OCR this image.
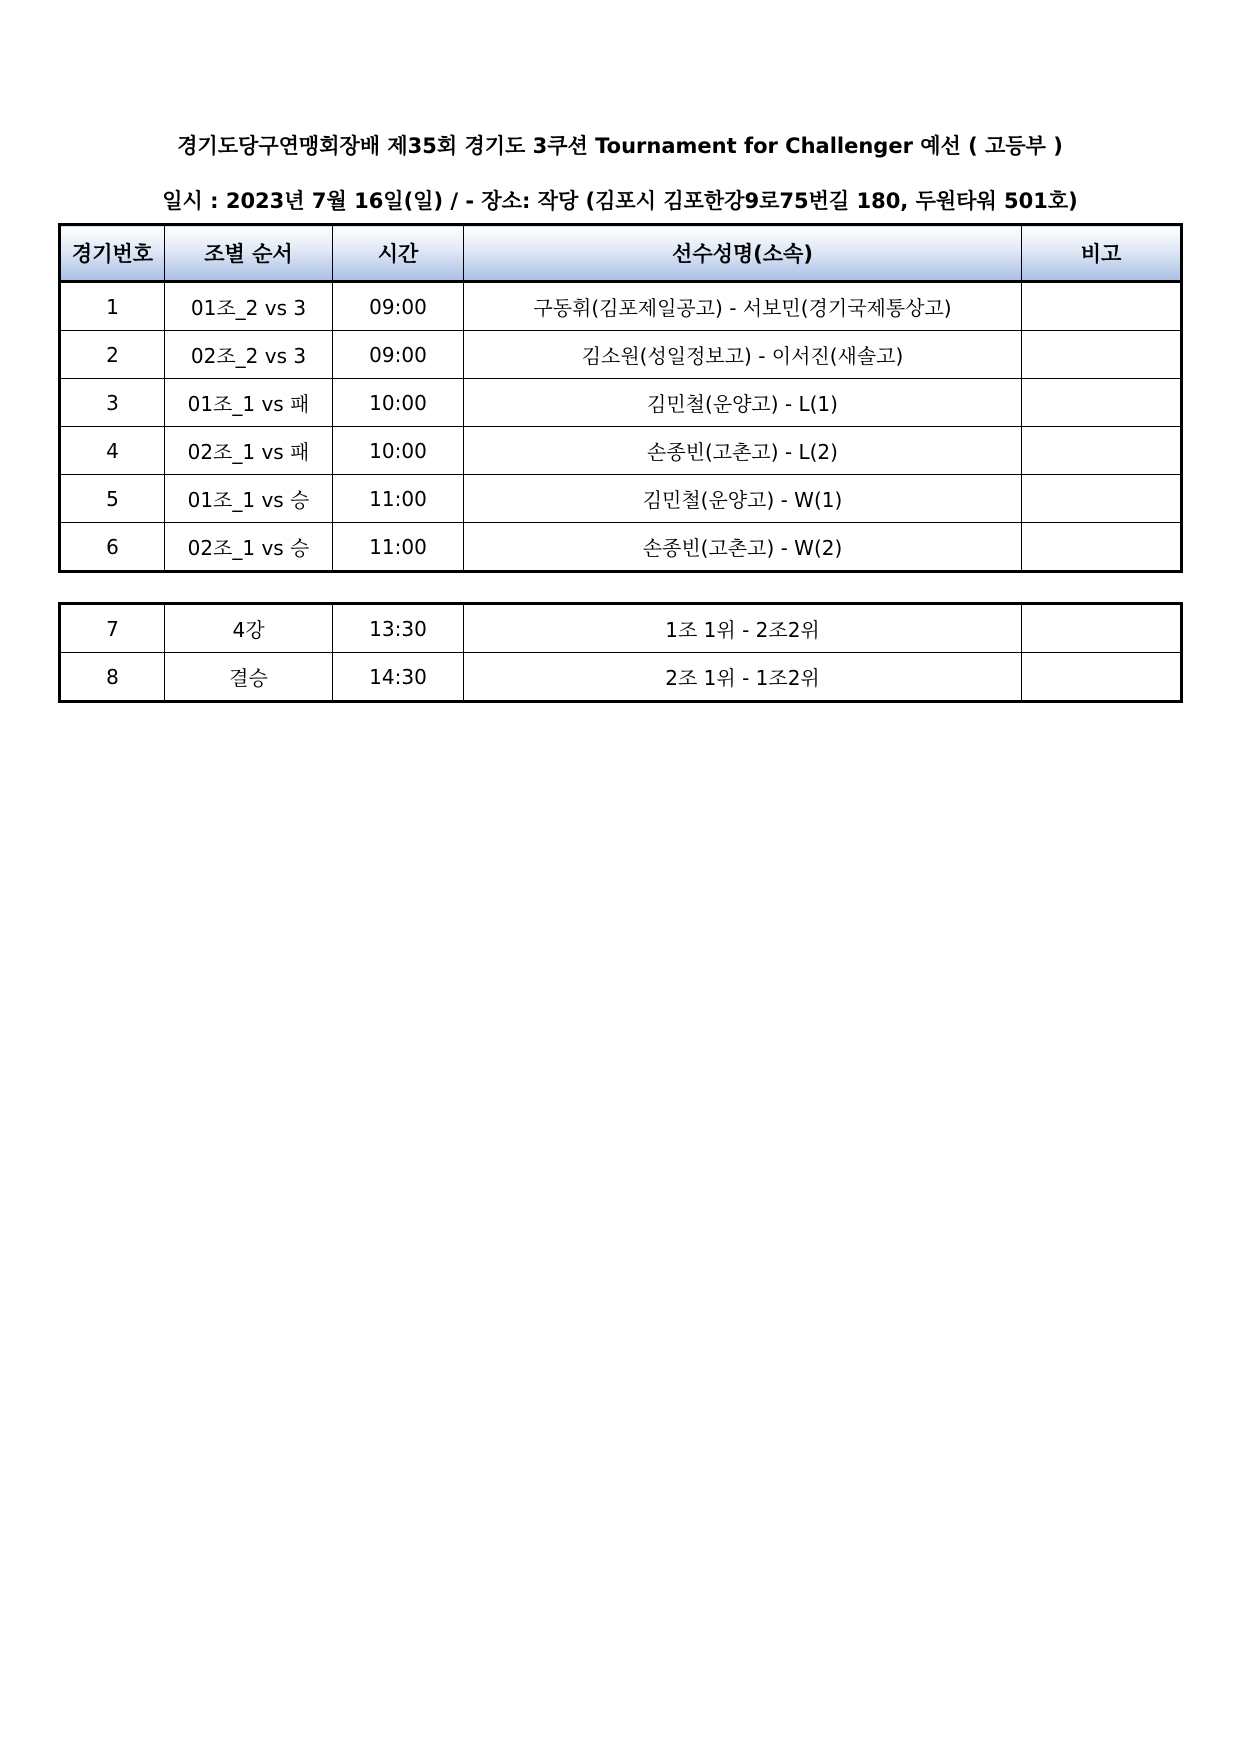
경기도당구연맹회장배 제35회 경기도 3쿠션 Tournament for Challenger 예선 ( 고등부 )
일시 : 2023년 7월 16일(일) / - 장소: 작당 (김포시 김포한강9로75번길 180, 두원타워 501호)
경기번호	조별 순서	시간	선수성명(소속)	비고
1	01조_2 vs 3	09:00	구동휘(김포제일공고) - 서보민(경기국제통상고)	
2	02조_2 vs 3	09:00	김소원(성일정보고) - 이서진(새솔고)	
3	01조_1 vs 패	10:00	김민철(운양고) - L(1)	
4	02조_1 vs 패	10:00	손종빈(고촌고) - L(2)	
5	01조_1 vs 승	11:00	김민철(운양고) - W(1)	
6	02조_1 vs 승	11:00	손종빈(고촌고) - W(2)	
7	4강	13:30	1조 1위 - 2조2위	
8	결승	14:30	2조 1위 - 1조2위	
